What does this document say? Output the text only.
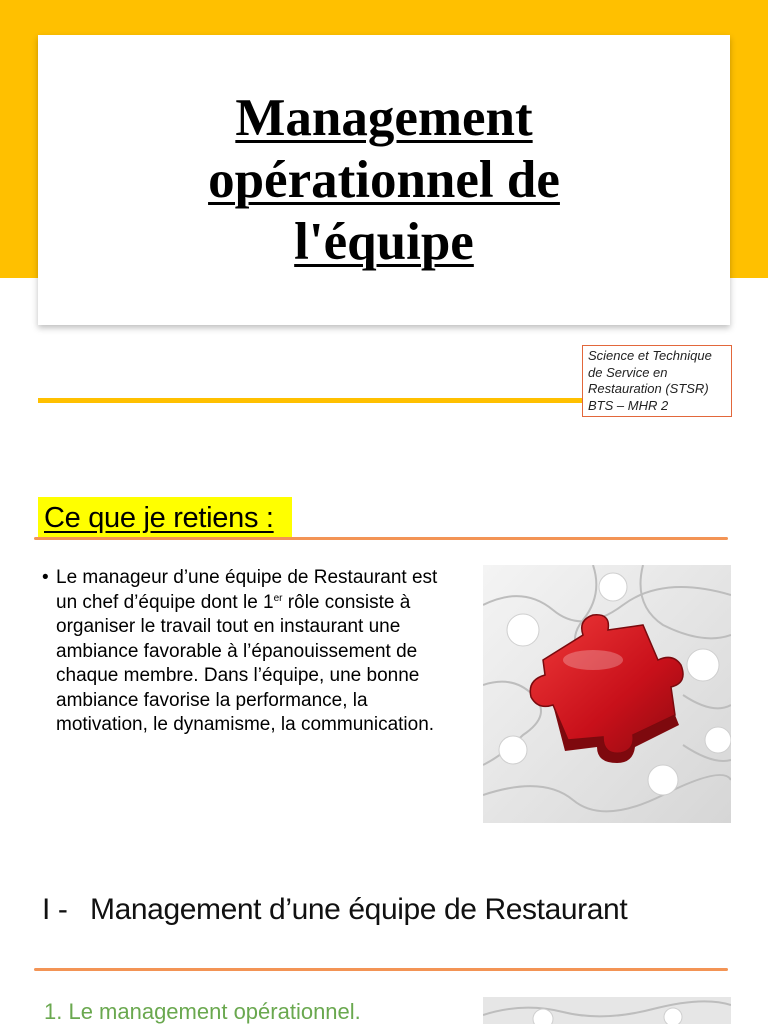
Management opérationnel de l'équipe
Science et Technique
de Service en
Restauration (STSR)
BTS – MHR 2
Ce que je retiens :
• Le manageur d’une équipe de Restaurant est un chef d’équipe dont le 1er rôle consiste à organiser le travail tout en instaurant une ambiance favorable à l’épanouissement de chaque membre. Dans l’équipe, une bonne ambiance favorise la performance, la motivation, le dynamisme, la communication.
I - Management d’une équipe de Restaurant
1. Le management opérationnel.
